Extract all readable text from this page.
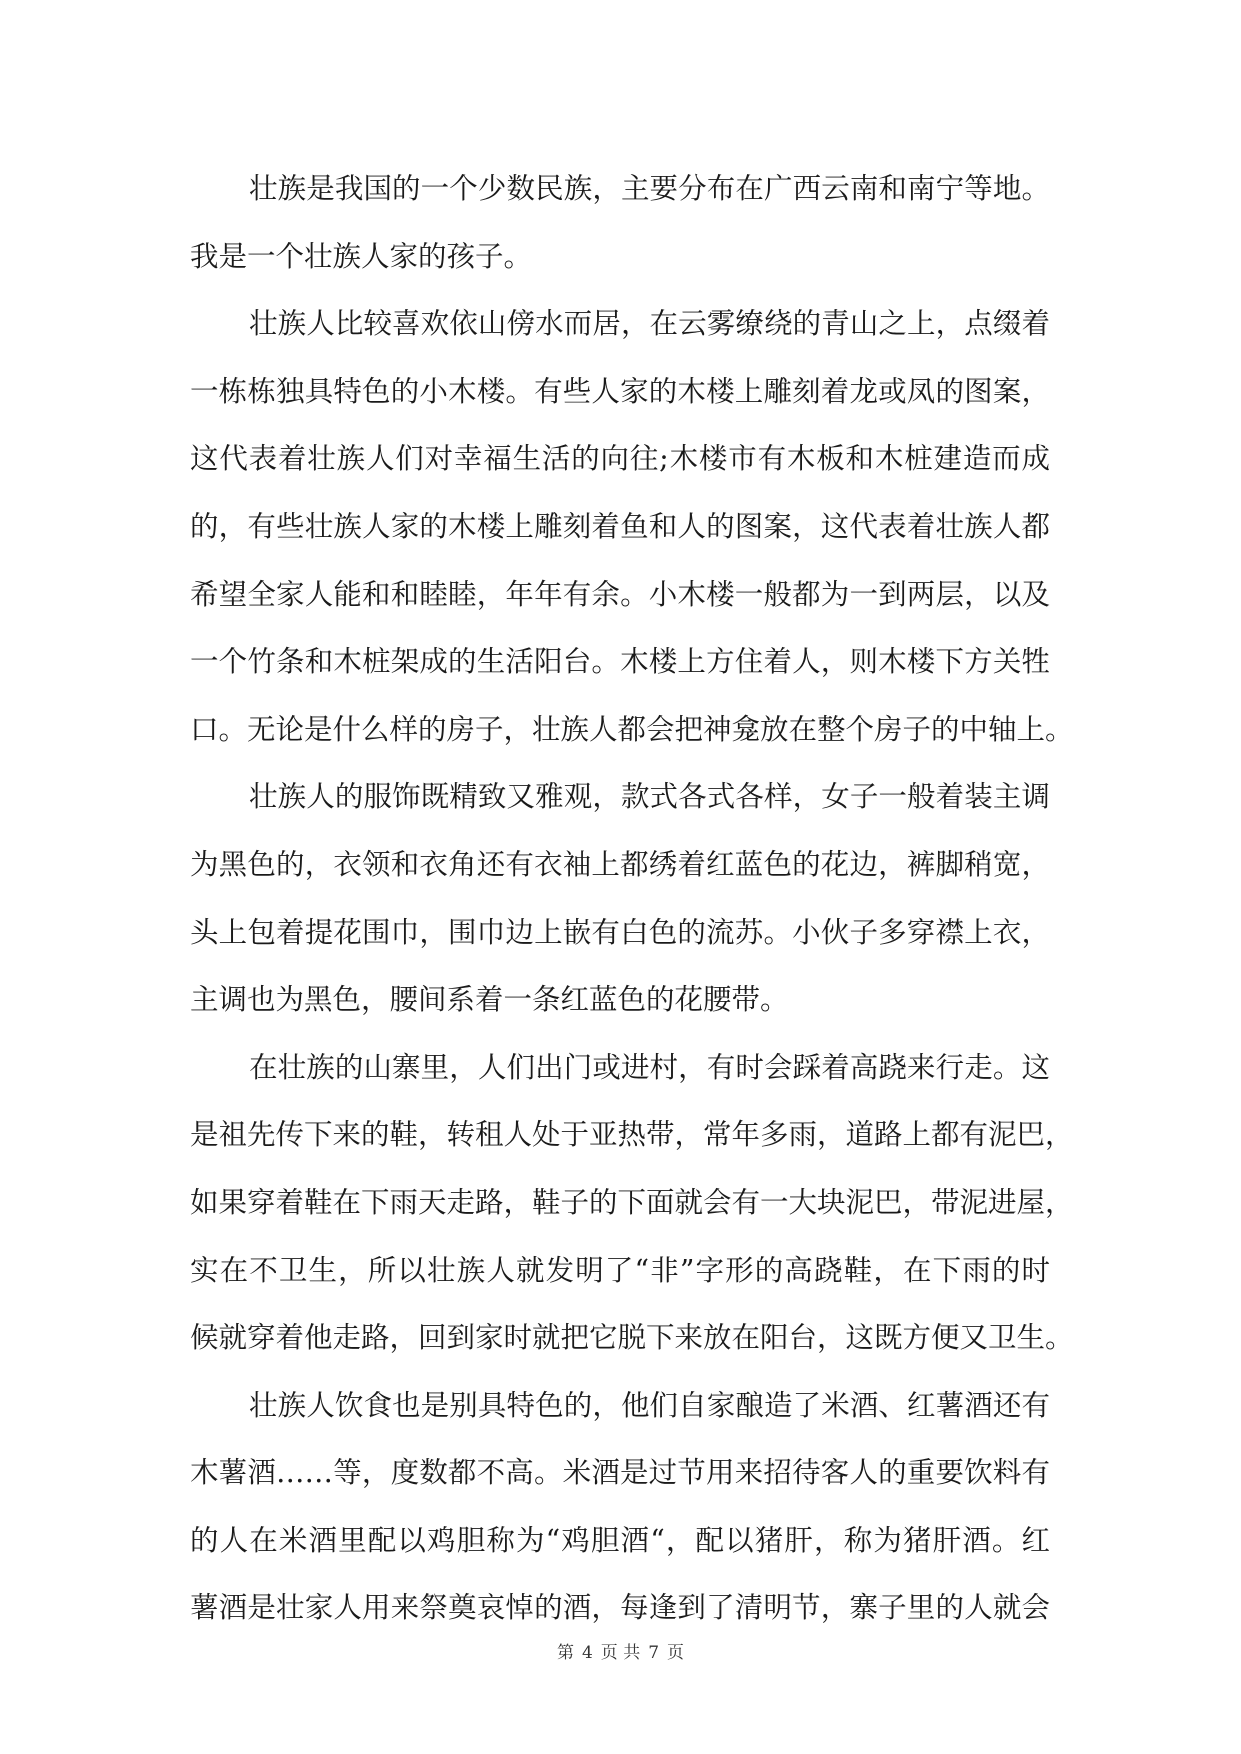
壮族是我国的一个少数民族，主要分布在广西云南和南宁等地。
我是一个壮族人家的孩子。
壮族人比较喜欢依山傍水而居，在云雾缭绕的青山之上，点缀着
一栋栋独具特色的小木楼。有些人家的木楼上雕刻着龙或凤的图案，
这代表着壮族人们对幸福生活的向往;木楼市有木板和木桩建造而成
的，有些壮族人家的木楼上雕刻着鱼和人的图案，这代表着壮族人都
希望全家人能和和睦睦，年年有余。小木楼一般都为一到两层，以及
一个竹条和木桩架成的生活阳台。木楼上方住着人，则木楼下方关牲
口。无论是什么样的房子，壮族人都会把神龛放在整个房子的中轴上。
壮族人的服饰既精致又雅观，款式各式各样，女子一般着装主调
为黑色的，衣领和衣角还有衣袖上都绣着红蓝色的花边，裤脚稍宽，
头上包着提花围巾，围巾边上嵌有白色的流苏。小伙子多穿襟上衣，
主调也为黑色，腰间系着一条红蓝色的花腰带。
在壮族的山寨里，人们出门或进村，有时会踩着高跷来行走。这
是祖先传下来的鞋，转租人处于亚热带，常年多雨，道路上都有泥巴，
如果穿着鞋在下雨天走路，鞋子的下面就会有一大块泥巴，带泥进屋，
实在不卫生，所以壮族人就发明了“非”字形的高跷鞋，在下雨的时
候就穿着他走路，回到家时就把它脱下来放在阳台，这既方便又卫生。
壮族人饮食也是别具特色的，他们自家酿造了米酒、红薯酒还有
木薯酒……等，度数都不高。米酒是过节用来招待客人的重要饮料有
的人在米酒里配以鸡胆称为“鸡胆酒“，配以猪肝，称为猪肝酒。红
薯酒是壮家人用来祭奠哀悼的酒，每逢到了清明节，寨子里的人就会
第 4 页 共 7 页
